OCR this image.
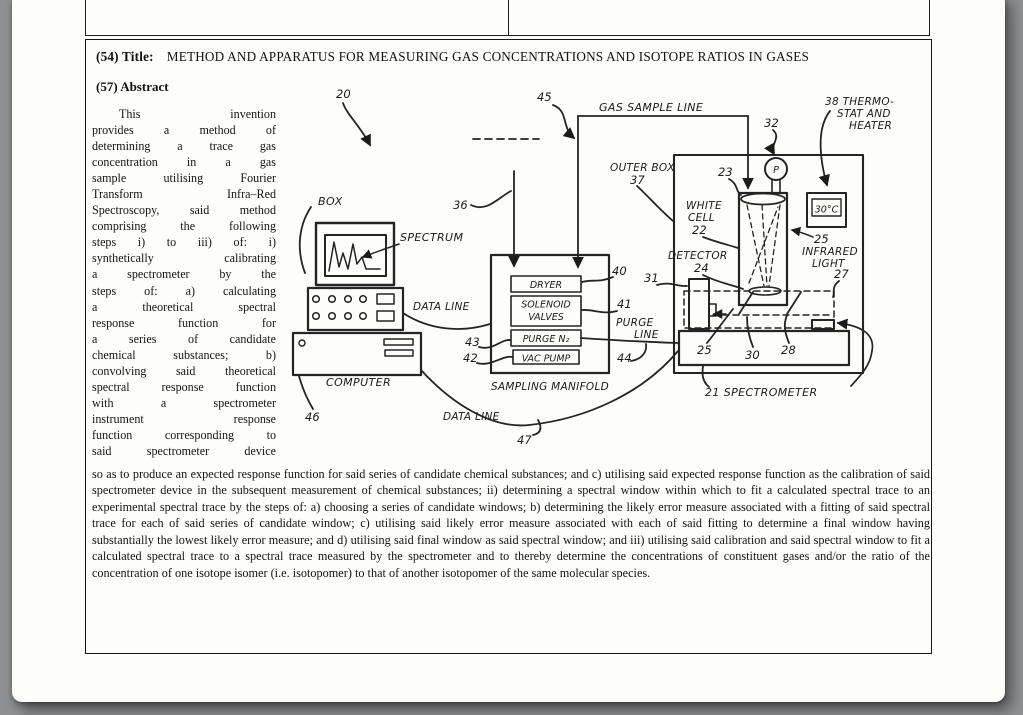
(54) Title: METHOD AND APPARATUS FOR MEASURING GAS CONCENTRATIONS AND ISOTOPE RATIOS IN GASES
(57) Abstract
This invention
provides a method of
determining a trace gas
concentration in a gas
sample utilising Fourier
Transform Infra–Red
Spectroscopy, said method
comprising the following
steps i) to iii) of: i)
synthetically calibrating
a spectrometer by the
steps of: a) calculating
a theoretical spectral
response function for
a series of candidate
chemical substances; b)
convolving said theoretical
spectral response function
with a spectrometer
instrument response
function corresponding to
said spectrometer device
so as to produce an expected response function for said series of candidate chemical substances; and c) utilising said expected response function as the calibration of said spectrometer device in the subsequent measurement of chemical substances; ii) determining a spectral window within which to fit a calculated spectral trace to an experimental spectral trace by the steps of: a) choosing a series of candidate windows; b) determining the likely error measure associated with a fitting of said spectral trace for each of said series of candidate window; c) utilising said likely error measure associated with each of said fitting to determine a final window having substantially the lowest likely error measure; and d) utilising said final window as said spectral window; and iii) utilising said calibration and said spectral window to fit a calculated spectral trace to a spectral trace measured by the spectrometer and to thereby determine the concentrations of constituent gases and/or the ratio of the concentration of one isotope isomer (i.e. isotopomer) to that of another isotopomer of the same molecular species.
20	45
GAS SAMPLE LINE	38 THERMO-
STAT AND
HEATER
32
OUTER BOX
37
23	P
30°C
WHITE
CELL
22
25
INFRARED
LIGHT
DETECTOR
24
31	27
25	30 28
21 SPECTROMETER
36
BOX
SPECTRUM
DATA LINE
COMPUTER
46	DATA LINE
47
40
41
43
42	44
PURGE
LINE
DRYER
SOLENOID
VALVES
PURGE N₂
VAC PUMP
SAMPLING MANIFOLD
